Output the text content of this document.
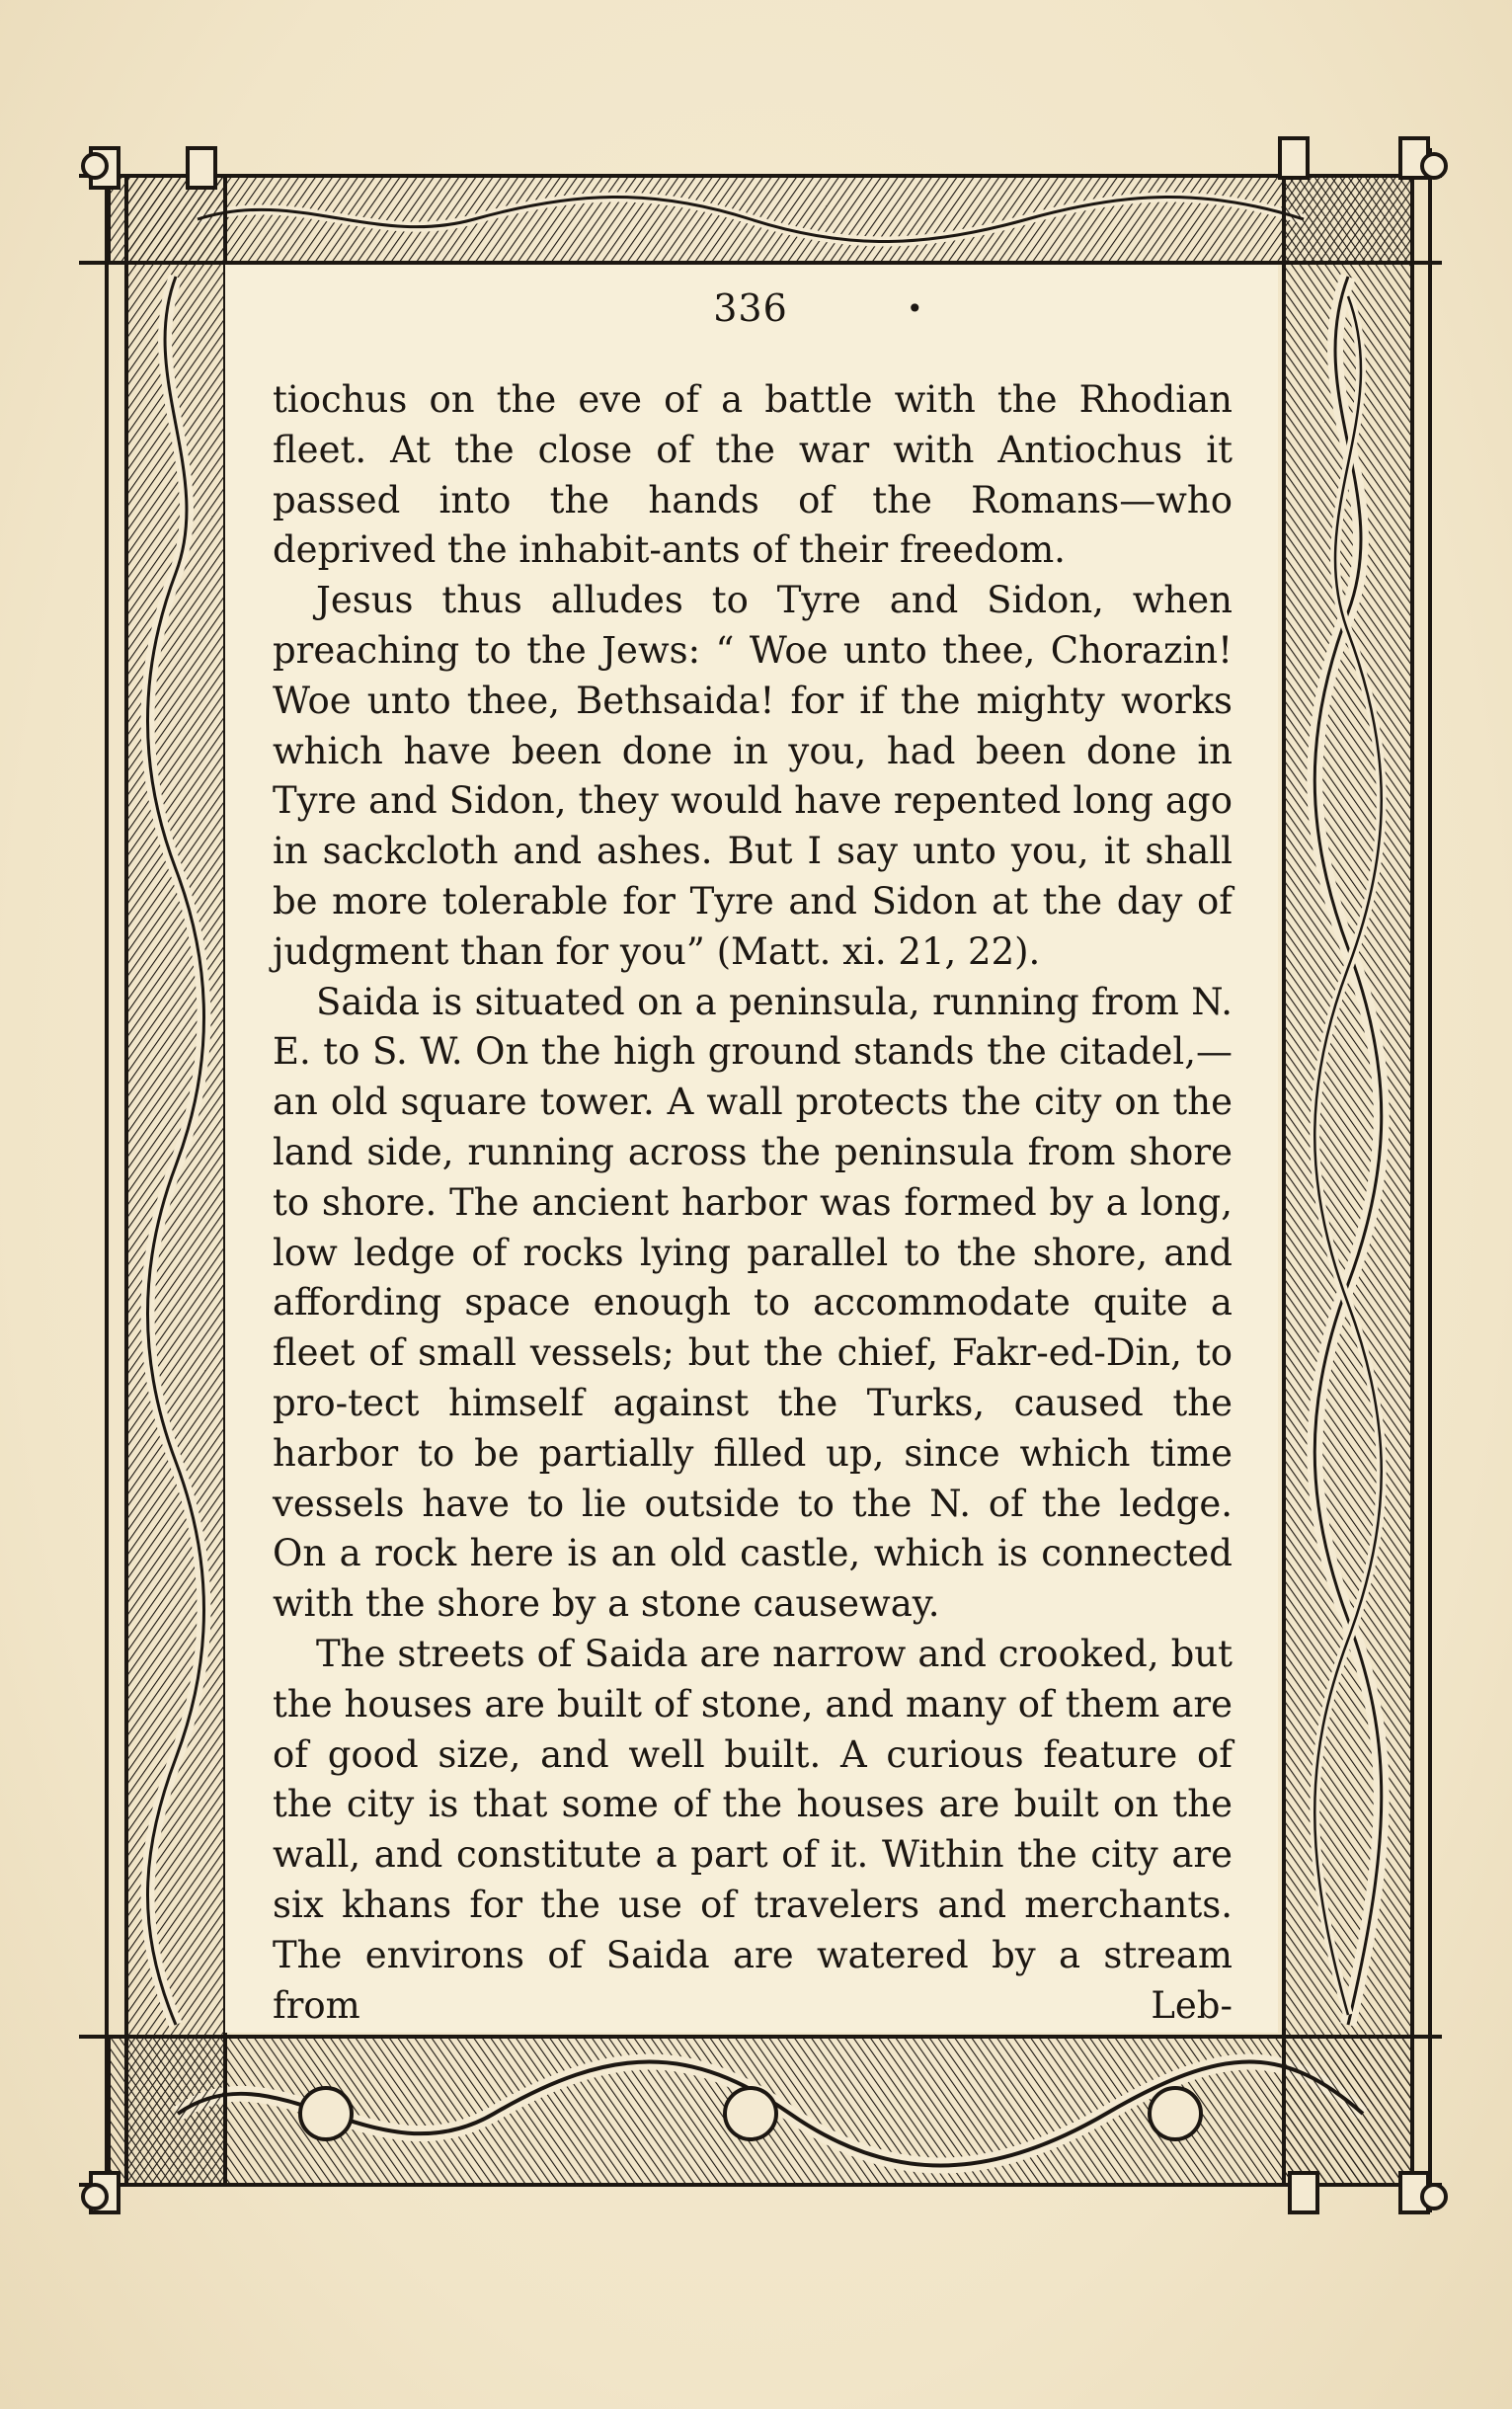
336	•

tiochus on the eve of a battle with the Rhodian fleet. At the close of the war with Antiochus it passed into the hands of the Romans—who deprived the inhabit-ants of their freedom.

Jesus thus alludes to Tyre and Sidon, when preaching to the Jews: “ Woe unto thee, Chorazin! Woe unto thee, Bethsaida! for if the mighty works which have been done in you, had been done in Tyre and Sidon, they would have repented long ago in sackcloth and ashes. But I say unto you, it shall be more tolerable for Tyre and Sidon at the day of judgment than for you” (Matt. xi. 21, 22).

Saida is situated on a peninsula, running from N. E. to S. W. On the high ground stands the citadel,—an old square tower. A wall protects the city on the land side, running across the peninsula from shore to shore. The ancient harbor was formed by a long, low ledge of rocks lying parallel to the shore, and affording space enough to accommodate quite a fleet of small vessels; but the chief, Fakr-ed-Din, to pro-tect himself against the Turks, caused the harbor to be partially filled up, since which time vessels have to lie outside to the N. of the ledge. On a rock here is an old castle, which is connected with the shore by a stone causeway.

The streets of Saida are narrow and crooked, but the houses are built of stone, and many of them are of good size, and well built. A curious feature of the city is that some of the houses are built on the wall, and constitute a part of it. Within the city are six khans for the use of travelers and merchants. The environs of Saida are watered by a stream from Leb-
